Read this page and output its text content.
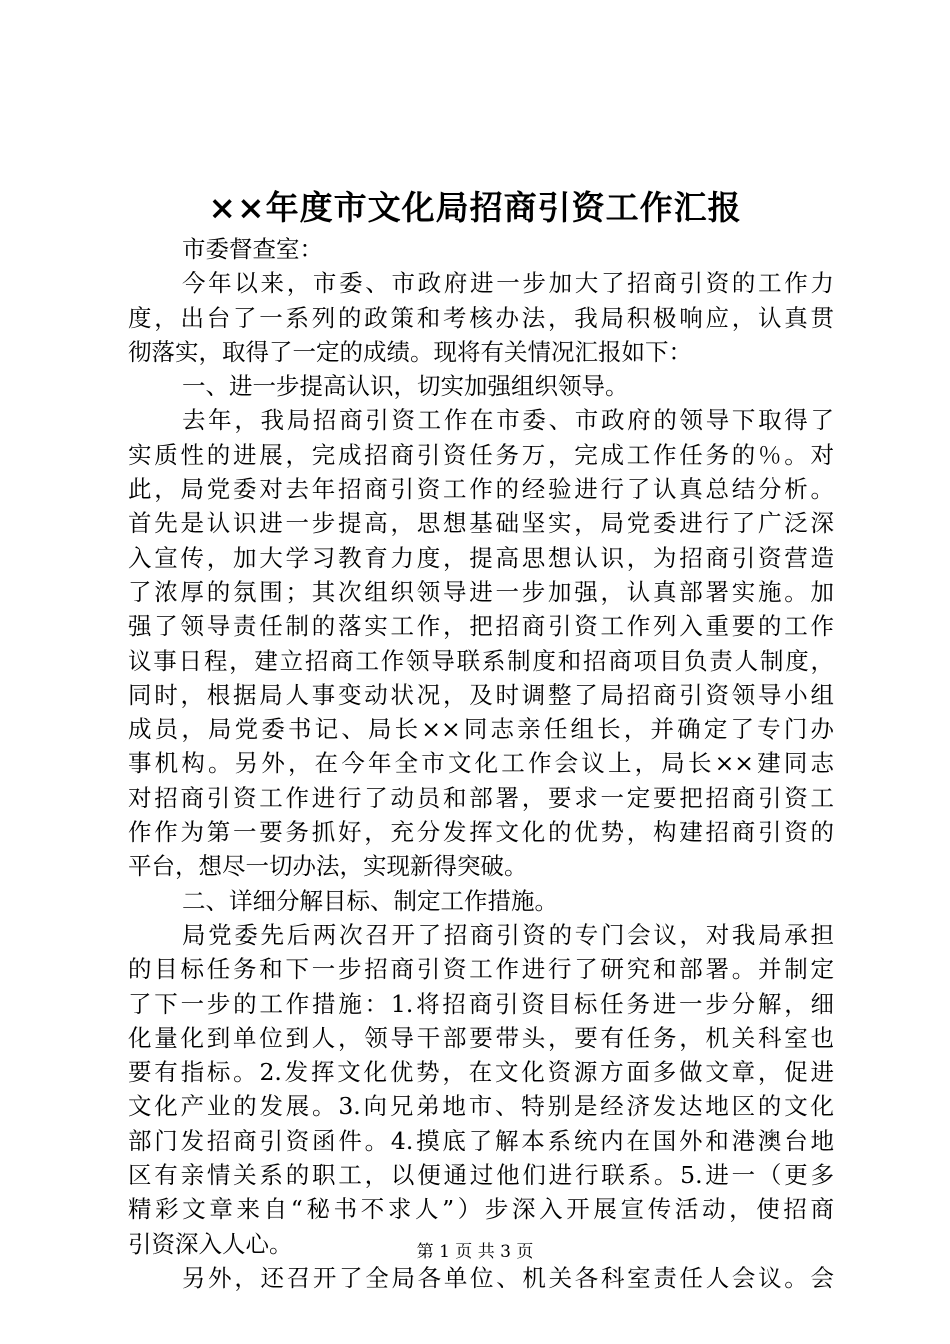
××年度市文化局招商引资工作汇报
市委督查室：
今年以来，市委、市政府进一步加大了招商引资的工作力
度，出台了一系列的政策和考核办法，我局积极响应，认真贯
彻落实，取得了一定的成绩。现将有关情况汇报如下：
一、进一步提高认识，切实加强组织领导。
去年，我局招商引资工作在市委、市政府的领导下取得了
实质性的进展，完成招商引资任务万，完成工作任务的％。对
此，局党委对去年招商引资工作的经验进行了认真总结分析。
首先是认识进一步提高，思想基础坚实，局党委进行了广泛深
入宣传，加大学习教育力度，提高思想认识，为招商引资营造
了浓厚的氛围；其次组织领导进一步加强，认真部署实施。加
强了领导责任制的落实工作，把招商引资工作列入重要的工作
议事日程，建立招商工作领导联系制度和招商项目负责人制度，
同时，根据局人事变动状况，及时调整了局招商引资领导小组
成员，局党委书记、局长××同志亲任组长，并确定了专门办
事机构。另外，在今年全市文化工作会议上，局长××建同志
对招商引资工作进行了动员和部署，要求一定要把招商引资工
作作为第一要务抓好，充分发挥文化的优势，构建招商引资的
平台，想尽一切办法，实现新得突破。
二、详细分解目标、制定工作措施。
局党委先后两次召开了招商引资的专门会议，对我局承担
的目标任务和下一步招商引资工作进行了研究和部署。并制定
了下一步的工作措施：1.将招商引资目标任务进一步分解，细
化量化到单位到人，领导干部要带头，要有任务，机关科室也
要有指标。2.发挥文化优势，在文化资源方面多做文章，促进
文化产业的发展。3.向兄弟地市、特别是经济发达地区的文化
部门发招商引资函件。4.摸底了解本系统内在国外和港澳台地
区有亲情关系的职工，以便通过他们进行联系。5.进一（更多
精彩文章来自“秘书不求人”）步深入开展宣传活动，使招商
引资深入人心。
另外，还召开了全局各单位、机关各科室责任人会议。会
第 1 页 共 3 页
